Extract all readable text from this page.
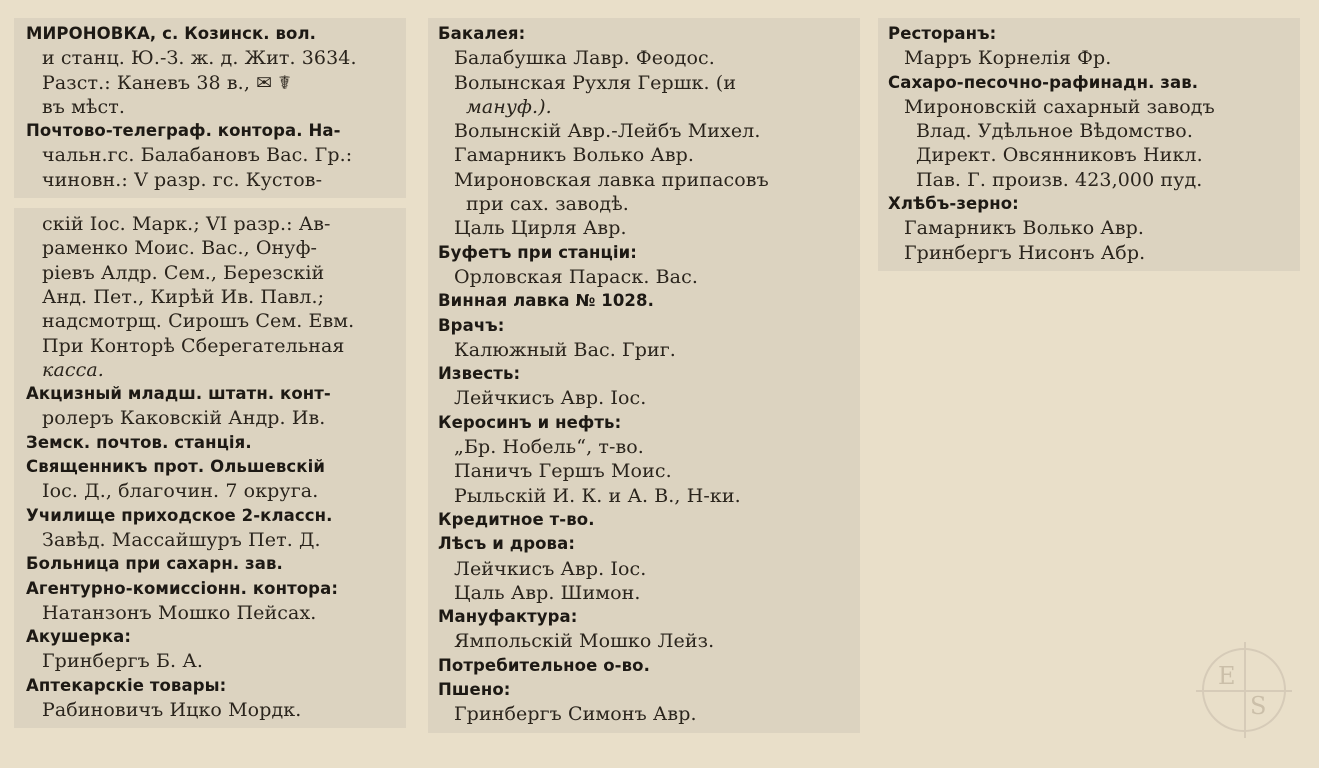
МИРОНОВКА, с. Козинск. вол.
и станц. Ю.-З. ж. д. Жит. 3634.
Разст.: Каневъ 38 в., ✉ ☤
въ мѣст.
Почтово-телеграф. контора. На-
чальн.гс. Балабановъ Вас. Гр.:
чиновн.: V разр. гс. Кустов-
скій Іос. Марк.; VI разр.: Ав-
раменко Моис. Вас., Онуф-
ріевъ Алдр. Сем., Березскій
Анд. Пет., Кирѣй Ив. Павл.;
надсмотрщ. Сирошъ Сем. Евм.
При Конторѣ Сберегательная
касса.
Акцизный младш. штатн. конт-
ролеръ Каковскій Андр. Ив.
Земск. почтов. станція.
Священникъ прот. Ольшевскій
Іос. Д., благочин. 7 округа.
Училище приходское 2-классн.
Завѣд. Массайшуръ Пет. Д.
Больница при сахарн. зав.
Агентурно-комиссіонн. контора:
Натанзонъ Мошко Пейсах.
Акушерка:
Гринбергъ Б. А.
Аптекарскіе товары:
Рабиновичъ Ицко Мордк.
Бакалея:
Балабушка Лавр. Феодос.
Волынская Рухля Гершк. (и
мануф.).
Волынскій Авр.-Лейбъ Михел.
Гамарникъ Волько Авр.
Мироновская лавка припасовъ
при сах. заводѣ.
Цаль Цирля Авр.
Буфетъ при станціи:
Орловская Параск. Вас.
Винная лавка № 1028.
Врачъ:
Калюжный Вас. Григ.
Известь:
Лейчкисъ Авр. Іос.
Керосинъ и нефть:
„Бр. Нобель“, т-во.
Паничъ Гершъ Моис.
Рыльскій И. К. и А. В., Н-ки.
Кредитное т-во.
Лѣсъ и дрова:
Лейчкисъ Авр. Іос.
Цаль Авр. Шимон.
Мануфактура:
Ямпольскій Мошко Лейз.
Потребительное о-во.
Пшено:
Гринбергъ Симонъ Авр.
Ресторанъ:
Марръ Корнелія Фр.
Сахаро-песочно-рафинадн. зав.
Мироновскій сахарный заводъ
Влад. Удѣльное Вѣдомство.
Директ. Овсянниковъ Никл.
Пав. Г. произв. 423,000 пуд.
Хлѣбъ-зерно:
Гамарникъ Волько Авр.
Гринбергъ Нисонъ Абр.
E
S
